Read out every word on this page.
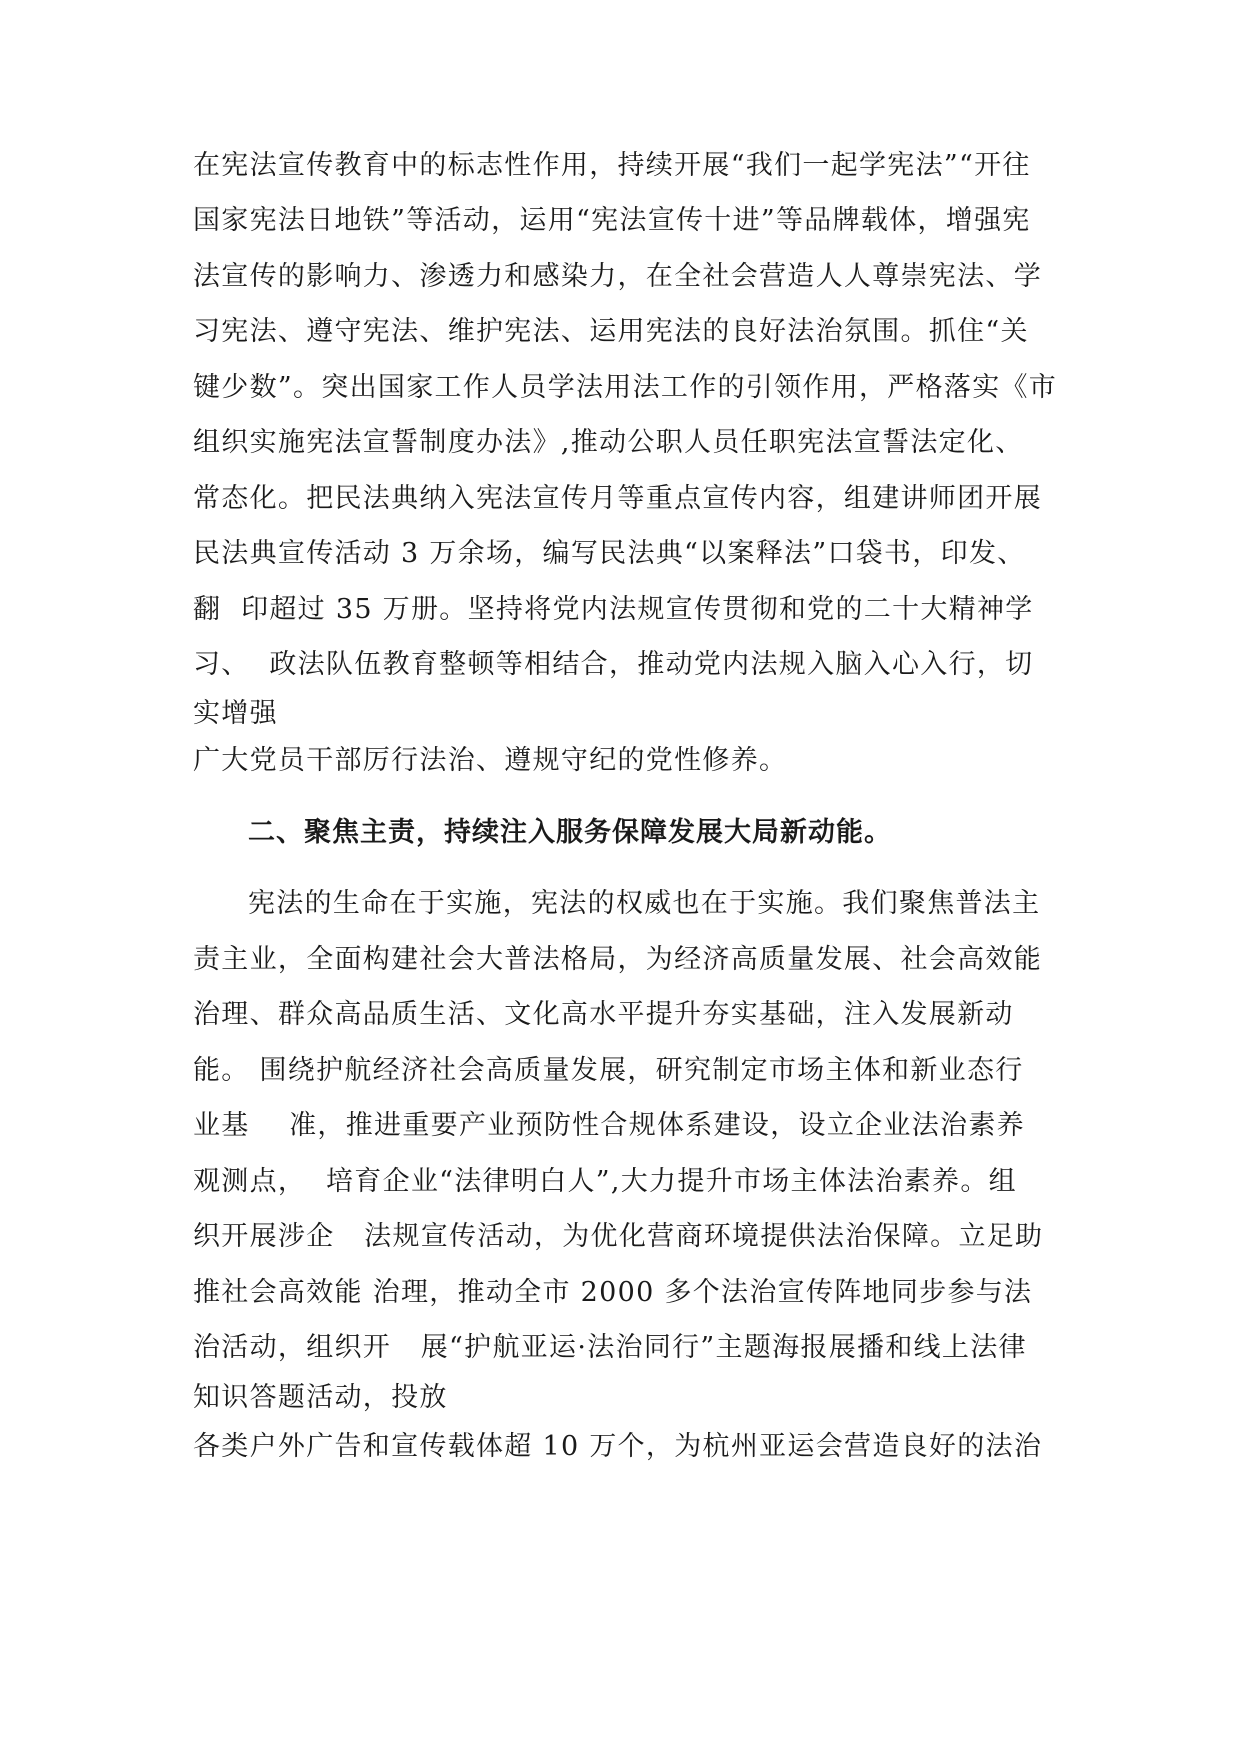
在宪法宣传教育中的标志性作用，持续开展“我们一起学宪法”“开往
国家宪法日地铁”等活动，运用“宪法宣传十进”等品牌载体，增强宪
法宣传的影响力、渗透力和感染力，在全社会营造人人尊崇宪法、学
习宪法、遵守宪法、维护宪法、运用宪法的良好法治氛围。抓住“关
键少数”。突出国家工作人员学法用法工作的引领作用，严格落实《市
组织实施宪法宣誓制度办法》,推动公职人员任职宪法宣誓法定化、
常态化。把民法典纳入宪法宣传月等重点宣传内容，组建讲师团开展
民法典宣传活动 3 万余场，编写民法典“以案释法”口袋书，印发、
翻  印超过 35 万册。坚持将党内法规宣传贯彻和党的二十大精神学
习、  政法队伍教育整顿等相结合，推动党内法规入脑入心入行，切
实增强
广大党员干部厉行法治、遵规守纪的党性修养。
二、聚焦主责，持续注入服务保障发展大局新动能。
宪法的生命在于实施，宪法的权威也在于实施。我们聚焦普法主
责主业，全面构建社会大普法格局，为经济高质量发展、社会高效能
治理、群众高品质生活、文化高水平提升夯实基础，注入发展新动
能。 围绕护航经济社会高质量发展，研究制定市场主体和新业态行
业基    准，推进重要产业预防性合规体系建设，设立企业法治素养
观测点，  培育企业“法律明白人”,大力提升市场主体法治素养。组
织开展涉企   法规宣传活动，为优化营商环境提供法治保障。立足助
推社会高效能 治理，推动全市 2000 多个法治宣传阵地同步参与法
治活动，组织开   展“护航亚运·法治同行”主题海报展播和线上法律
知识答题活动，投放
各类户外广告和宣传载体超 10 万个，为杭州亚运会营造良好的法治
